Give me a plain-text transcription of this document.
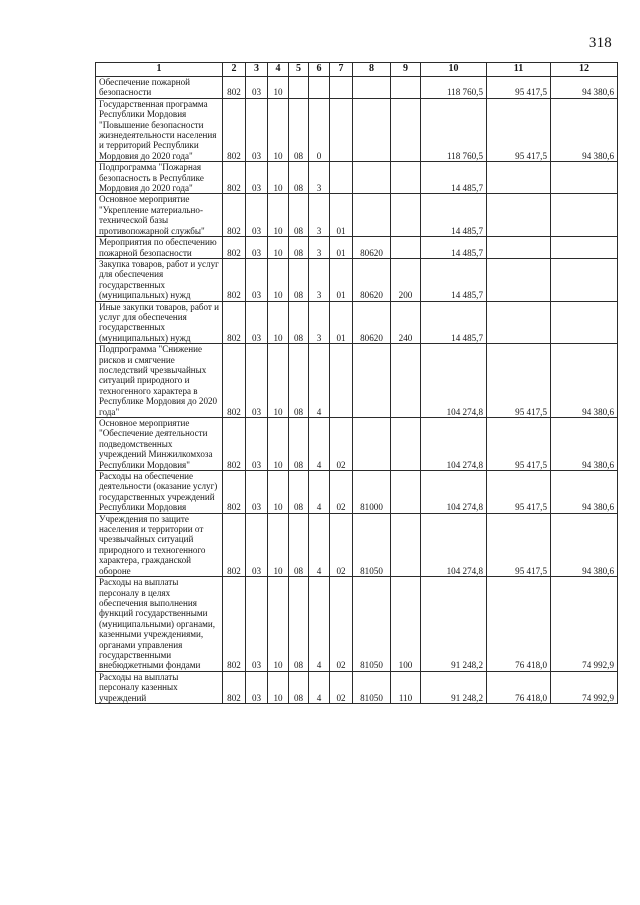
318
1	2	3	4	5	6	7	8	9	10	11	12
Обеспечение пожарной безопасности	802	03	10						118 760,5	95 417,5	94 380,6
Государственная программа Республики Мордовия "Повышение безопасности жизнедеятельности населения и территорий Республики Мордовия до 2020 года"	802	03	10	08	0				118 760,5	95 417,5	94 380,6
Подпрограмма "Пожарная безопасность в Республике Мордовия до 2020 года"	802	03	10	08	3				14 485,7		
Основное мероприятие "Укрепление материально-технической базы противопожарной службы"	802	03	10	08	3	01			14 485,7		
Мероприятия по обеспечению пожарной безопасности	802	03	10	08	3	01	80620		14 485,7		
Закупка товаров, работ и услуг для обеспечения государственных (муниципальных) нужд	802	03	10	08	3	01	80620	200	14 485,7		
Иные закупки товаров, работ и услуг для обеспечения государственных (муниципальных) нужд	802	03	10	08	3	01	80620	240	14 485,7		
Подпрограмма "Снижение рисков и смягчение последствий чрезвычайных ситуаций природного и техногенного характера в Республике Мордовия до 2020 года"	802	03	10	08	4				104 274,8	95 417,5	94 380,6
Основное мероприятие "Обеспечение деятельности подведомственных учреждений Минжилкомхоза Республики Мордовия"	802	03	10	08	4	02			104 274,8	95 417,5	94 380,6
Расходы на обеспечение деятельности (оказание услуг) государственных учреждений Республики Мордовия	802	03	10	08	4	02	81000		104 274,8	95 417,5	94 380,6
Учреждения по защите населения и территории от чрезвычайных ситуаций природного и техногенного характера, гражданской обороне	802	03	10	08	4	02	81050		104 274,8	95 417,5	94 380,6
Расходы на выплаты персоналу в целях обеспечения выполнения функций государственными (муниципальными) органами, казенными учреждениями, органами управления государственными внебюджетными фондами	802	03	10	08	4	02	81050	100	91 248,2	76 418,0	74 992,9
Расходы на выплаты персоналу казенных учреждений	802	03	10	08	4	02	81050	110	91 248,2	76 418,0	74 992,9
